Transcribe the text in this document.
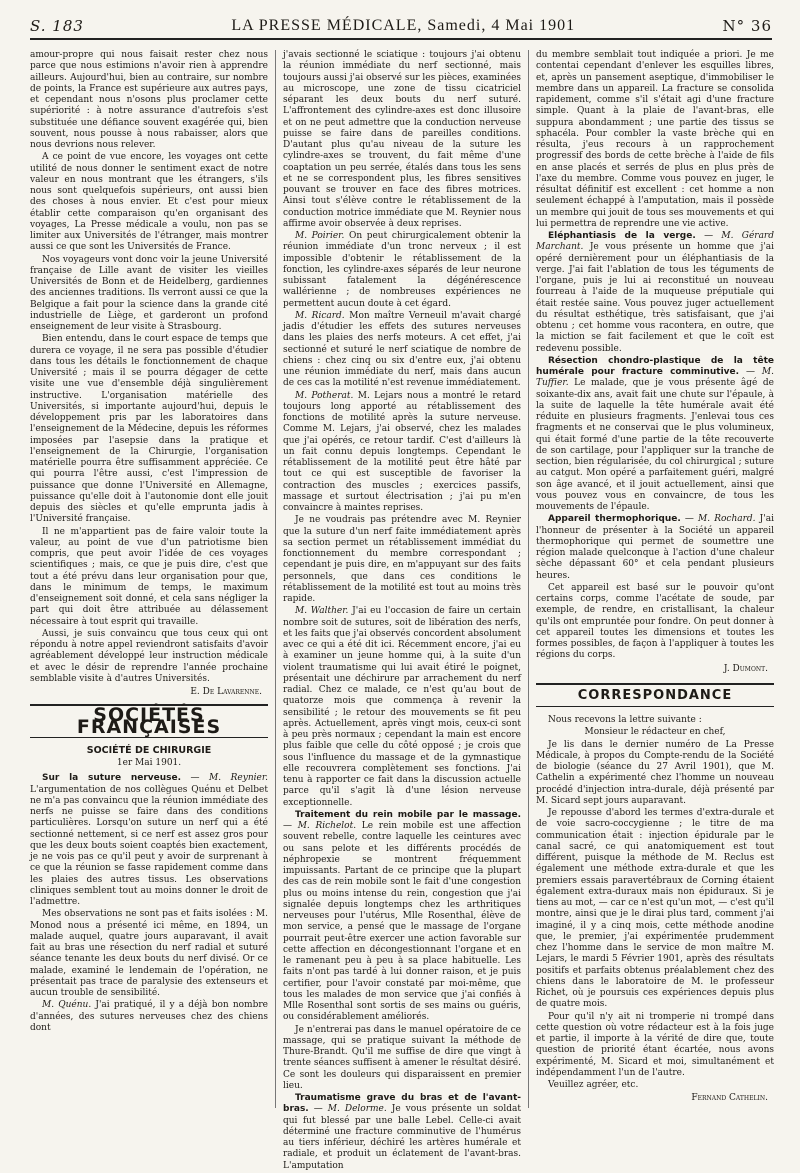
S. 183	LA PRESSE MÉDICALE, Samedi, 4 Mai 1901	N° 36

amour-propre qui nous faisait rester chez nous parce que nous estimions n'avoir rien à apprendre ailleurs. Aujourd'hui, bien au contraire, sur nombre de points, la France est supérieure aux autres pays, et cependant nous n'osons plus proclamer cette supériorité : à notre assurance d'autrefois s'est substituée une défiance souvent exagérée qui, bien souvent, nous pousse à nous rabaisser, alors que nous devrions nous relever.

A ce point de vue encore, les voyages ont cette utilité de nous donner le sentiment exact de notre valeur en nous montrant que les étrangers, s'ils nous sont quelquefois supérieurs, ont aussi bien des choses à nous envier. Et c'est pour mieux établir cette comparaison qu'en organisant des voyages, La Presse médicale a voulu, non pas se limiter aux Universités de l'étranger, mais montrer aussi ce que sont les Universités de France.

Nos voyageurs vont donc voir la jeune Université française de Lille avant de visiter les vieilles Universités de Bonn et de Heidelberg, gardiennes des anciennes traditions. Ils verront aussi ce que la Belgique a fait pour la science dans la grande cité industrielle de Liège, et garderont un profond enseignement de leur visite à Strasbourg.

Bien entendu, dans le court espace de temps que durera ce voyage, il ne sera pas possible d'étudier dans tous les détails le fonctionnement de chaque Université ; mais il se pourra dégager de cette visite une vue d'ensemble déjà singulièrement instructive. L'organisation matérielle des Universités, si importante aujourd'hui, depuis le développement pris par les laboratoires dans l'enseignement de la Médecine, depuis les réformes imposées par l'asepsie dans la pratique et l'enseignement de la Chirurgie, l'organisation matérielle pourra être suffisamment appréciée. Ce qui pourra l'être aussi, c'est l'impression de puissance que donne l'Université en Allemagne, puissance qu'elle doit à l'autonomie dont elle jouit depuis des siècles et qu'elle emprunta jadis à l'Université française.

Il ne m'appartient pas de faire valoir toute la valeur, au point de vue d'un patriotisme bien compris, que peut avoir l'idée de ces voyages scientifiques ; mais, ce que je puis dire, c'est que tout a été prévu dans leur organisation pour que, dans le minimum de temps, le maximum d'enseignement soit donné, et cela sans négliger la part qui doit être attribuée au délassement nécessaire à tout esprit qui travaille.

Aussi, je suis convaincu que tous ceux qui ont répondu à notre appel reviendront satisfaits d'avoir agréablement développé leur instruction médicale et avec le désir de reprendre l'année prochaine semblable visite à d'autres Universités.

E. De Lavarenne.
SOCIÉTÉS FRANÇAISES
SOCIÉTÉ DE CHIRURGIE
1er Mai 1901.

Sur la suture nerveuse. — M. Reynier. L'argumentation de nos collègues Quénu et Delbet ne m'a pas convaincu que la réunion immédiate des nerfs ne puisse se faire dans des conditions particulières. Lorsqu'on suture un nerf qui a été sectionné nettement, si ce nerf est assez gros pour que les deux bouts soient coaptés bien exactement, je ne vois pas ce qu'il peut y avoir de surprenant à ce que la réunion se fasse rapidement comme dans les plaies des autres tissus. Les observations cliniques semblent tout au moins donner le droit de l'admettre.

Mes observations ne sont pas et faits isolées : M. Monod nous a présenté ici même, en 1894, un malade auquel, quatre jours auparavant, il avait fait au bras une résection du nerf radial et suturé séance tenante les deux bouts du nerf divisé. Or ce malade, examiné le lendemain de l'opération, ne présentait pas trace de paralysie des extenseurs et aucun trouble de sensibilité.

M. Quénu. J'ai pratiqué, il y a déjà bon nombre d'années, des sutures nerveuses chez des chiens dont

j'avais sectionné le sciatique : toujours j'ai obtenu la réunion immédiate du nerf sectionné, mais toujours aussi j'ai observé sur les pièces, examinées au microscope, une zone de tissu cicatriciel séparant les deux bouts du nerf suturé. L'affrontement des cylindre-axes est donc illusoire et on ne peut admettre que la conduction nerveuse puisse se faire dans de pareilles conditions. D'autant plus qu'au niveau de la suture les cylindre-axes se trouvent, du fait même d'une coaptation un peu serrée, étalés dans tous les sens et ne se correspondent plus, les fibres sensitives pouvant se trouver en face des fibres motrices. Ainsi tout s'élève contre le rétablissement de la conduction motrice immédiate que M. Reynier nous affirme avoir observée à deux reprises.

M. Poirier. On peut chirurgicalement obtenir la réunion immédiate d'un tronc nerveux ; il est impossible d'obtenir le rétablissement de la fonction, les cylindre-axes séparés de leur neurone subissant fatalement la dégénérescence wallérienne ; de nombreuses expériences ne permettent aucun doute à cet égard.

M. Ricard. Mon maître Verneuil m'avait chargé jadis d'étudier les effets des sutures nerveuses dans les plaies des nerfs moteurs. A cet effet, j'ai sectionné et suturé le nerf sciatique de nombre de chiens : chez cinq ou six d'entre eux, j'ai obtenu une réunion immédiate du nerf, mais dans aucun de ces cas la motilité n'est revenue immédiatement.

M. Potherat. M. Lejars nous a montré le retard toujours long apporté au rétablissement des fonctions de motilité après la suture nerveuse. Comme M. Lejars, j'ai observé, chez les malades que j'ai opérés, ce retour tardif. C'est d'ailleurs là un fait connu depuis longtemps. Cependant le rétablissement de la motilité peut être hâté par tout ce qui est susceptible de favoriser la contraction des muscles ; exercices passifs, massage et surtout électrisation ; j'ai pu m'en convaincre à maintes reprises.

Je ne voudrais pas prétendre avec M. Reynier que la suture d'un nerf faite immédiatement après sa section permet un rétablissement immédiat du fonctionnement du membre correspondant ; cependant je puis dire, en m'appuyant sur des faits personnels, que dans ces conditions le rétablissement de la motilité est tout au moins très rapide.

M. Walther. J'ai eu l'occasion de faire un certain nombre soit de sutures, soit de libération des nerfs, et les faits que j'ai observés concordent absolument avec ce qui a été dit ici. Récemment encore, j'ai eu à examiner un jeune homme qui, à la suite d'un violent traumatisme qui lui avait étiré le poignet, présentait une déchirure par arrachement du nerf radial. Chez ce malade, ce n'est qu'au bout de quatorze mois que commença à revenir la sensibilité ; le retour des mouvements se fit peu après. Actuellement, après vingt mois, ceux-ci sont à peu près normaux ; cependant la main est encore plus faible que celle du côté opposé ; je crois que sous l'influence du massage et de la gymnastique elle recouvrera complètement ses fonctions. J'ai tenu à rapporter ce fait dans la discussion actuelle parce qu'il s'agit là d'une lésion nerveuse exceptionnelle.

Traitement du rein mobile par le massage. — M. Richelot. Le rein mobile est une affection souvent rebelle, contre laquelle les ceintures avec ou sans pelote et les différents procédés de néphropexie se montrent fréquemment impuissants. Partant de ce principe que la plupart des cas de rein mobile sont le fait d'une congestion plus ou moins intense du rein, congestion que j'ai signalée depuis longtemps chez les arthritiques nerveuses pour l'utérus, Mlle Rosenthal, élève de mon service, a pensé que le massage de l'organe pourrait peut-être exercer une action favorable sur cette affection en décongestionnant l'organe et en le ramenant peu à peu à sa place habituelle. Les faits n'ont pas tardé à lui donner raison, et je puis certifier, pour l'avoir constaté par moi-même, que tous les malades de mon service que j'ai confiés à Mlle Rosenthal sont sortis de ses mains ou guéris, ou considérablement améliorés.

Je n'entrerai pas dans le manuel opératoire de ce massage, qui se pratique suivant la méthode de Thure-Brandt. Qu'il me suffise de dire que vingt à trente séances suffisent à amener le résultat désiré. Ce sont les douleurs qui disparaissent en premier lieu.

Traumatisme grave du bras et de l'avant-bras. — M. Delorme. Je vous présente un soldat qui fut blessé par une balle Lebel. Celle-ci avait déterminé une fracture comminutive de l'humérus au tiers inférieur, déchiré les artères humérale et radiale, et produit un éclatement de l'avant-bras. L'amputation

du membre semblait tout indiquée a priori. Je me contentai cependant d'enlever les esquilles libres, et, après un pansement aseptique, d'immobiliser le membre dans un appareil. La fracture se consolida rapidement, comme s'il s'était agi d'une fracture simple. Quant à la plaie de l'avant-bras, elle suppura abondamment ; une partie des tissus se sphacéla. Pour combler la vaste brèche qui en résulta, j'eus recours à un rapprochement progressif des bords de cette brèche à l'aide de fils en anse placés et serrés de plus en plus près de l'axe du membre. Comme vous pouvez en juger, le résultat définitif est excellent : cet homme a non seulement échappé à l'amputation, mais il possède un membre qui jouit de tous ses mouvements et qui lui permettra de reprendre une vie active.

Eléphantiasis de la verge. — M. Gérard Marchant. Je vous présente un homme que j'ai opéré dernièrement pour un éléphantiasis de la verge. J'ai fait l'ablation de tous les téguments de l'organe, puis je lui ai reconstitué un nouveau fourreau à l'aide de la muqueuse préputiale qui était restée saine. Vous pouvez juger actuellement du résultat esthétique, très satisfaisant, que j'ai obtenu ; cet homme vous racontera, en outre, que la miction se fait facilement et que le coït est redevenu possible.

Résection chondro-plastique de la tête humérale pour fracture comminutive. — M. Tuffier. Le malade, que je vous présente âgé de soixante-dix ans, avait fait une chute sur l'épaule, à la suite de laquelle la tête humérale avait été réduite en plusieurs fragments. J'enlevai tous ces fragments et ne conservai que le plus volumineux, qui était formé d'une partie de la tête recouverte de son cartilage, pour l'appliquer sur la tranche de section, bien régularisée, du col chirurgical ; suture au catgut. Mon opéré a parfaitement guéri, malgré son âge avancé, et il jouit actuellement, ainsi que vous pouvez vous en convaincre, de tous les mouvements de l'épaule.

Appareil thermophorique. — M. Rochard. J'ai l'honneur de présenter à la Société un appareil thermophorique qui permet de soumettre une région malade quelconque à l'action d'une chaleur sèche dépassant 60° et cela pendant plusieurs heures.

Cet appareil est basé sur le pouvoir qu'ont certains corps, comme l'acétate de soude, par exemple, de rendre, en cristallisant, la chaleur qu'ils ont empruntée pour fondre. On peut donner à cet appareil toutes les dimensions et toutes les formes possibles, de façon à l'appliquer à toutes les régions du corps.

J. Dumont.
CORRESPONDANCE

Nous recevons la lettre suivante :

Monsieur le rédacteur en chef,

Je lis dans le dernier numéro de La Presse Médicale, à propos du Compte-rendu de la Société de biologie (séance du 27 Avril 1901), que M. Cathelin a expérimenté chez l'homme un nouveau procédé d'injection intra-durale, déjà présenté par M. Sicard sept jours auparavant.

Je repousse d'abord les termes d'extra-durale et de voie sacro-coccygienne ; le titre de ma communication était : injection épidurale par le canal sacré, ce qui anatomiquement est tout différent, puisque la méthode de M. Reclus est également une méthode extra-durale et que les premiers essais paravertébraux de Corning étaient également extra-duraux mais non épiduraux. Si je tiens au mot, — car ce n'est qu'un mot, — c'est qu'il montre, ainsi que je le dirai plus tard, comment j'ai imaginé, il y a cinq mois, cette méthode anodine que, le premier, j'ai expérimentée prudemment chez l'homme dans le service de mon maître M. Lejars, le mardi 5 Février 1901, après des résultats positifs et parfaits obtenus préalablement chez des chiens dans le laboratoire de M. le professeur Richet, où je poursuis ces expériences depuis plus de quatre mois.

Pour qu'il n'y ait ni tromperie ni trompé dans cette question où votre rédacteur est à la fois juge et partie, il importe à la vérité de dire que, toute question de priorité étant écartée, nous avons expérimenté, M. Sicard et moi, simultanément et indépendamment l'un de l'autre.

Veuillez agréer, etc.

Fernand Cathelin.
